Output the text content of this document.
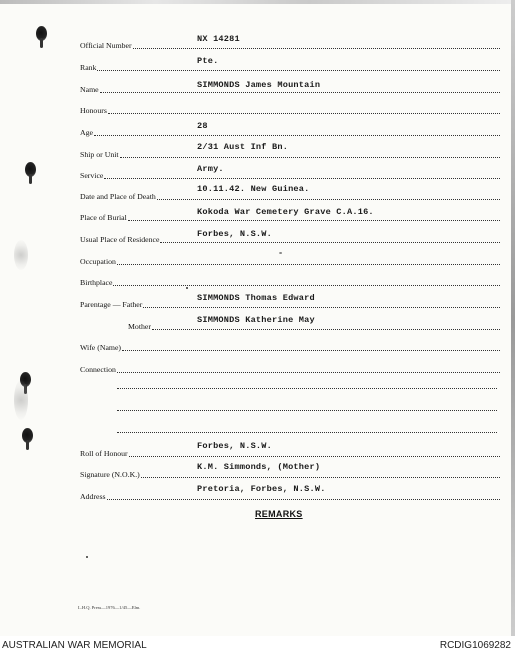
Official Number
NX 14281
Rank
Pte.
Name	SIMMONDS James Mountain
Honours
Age
28
Ship or Unit
2/31 Aust Inf Bn.
Service
Army.
Date and Place of Death
10.11.42. New Guinea.
Place of Burial
Kokoda War Cemetery Grave C.A.16.
Usual Place of Residence
Forbes, N.S.W.
Occupation
-
Birthplace
Parentage — Father
SIMMONDS Thomas Edward
Mother
SIMMONDS Katherine May
Wife (Name)
Connection
Roll of Honour
Forbes, N.S.W.
Signature (N.O.K.)
K.M. Simmonds, (Mother)
Address
Pretoria, Forbes, N.S.W.
REMARKS
L.H.Q. Press—1976—1/45—Elm.
AUSTRALIAN WAR MEMORIAL	RCDIG1069282
